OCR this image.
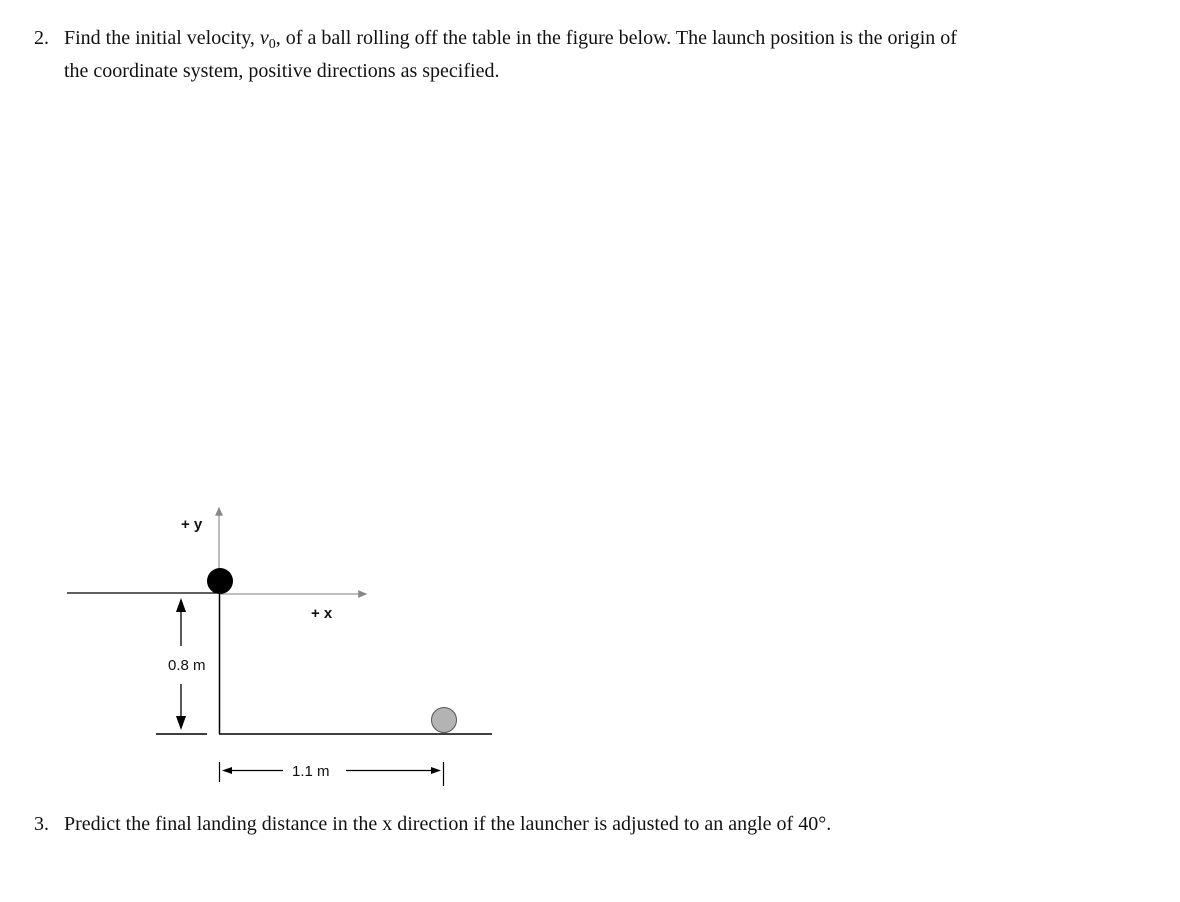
2. Find the initial velocity, $v_0$, of a ball rolling off the table in the figure below. The launch position is the origin of
the coordinate system, positive directions as specified.
+ y
+ x
0.8 m
1.1 m
3. Predict the final landing distance in the x direction if the launcher is adjusted to an angle of 40°.
